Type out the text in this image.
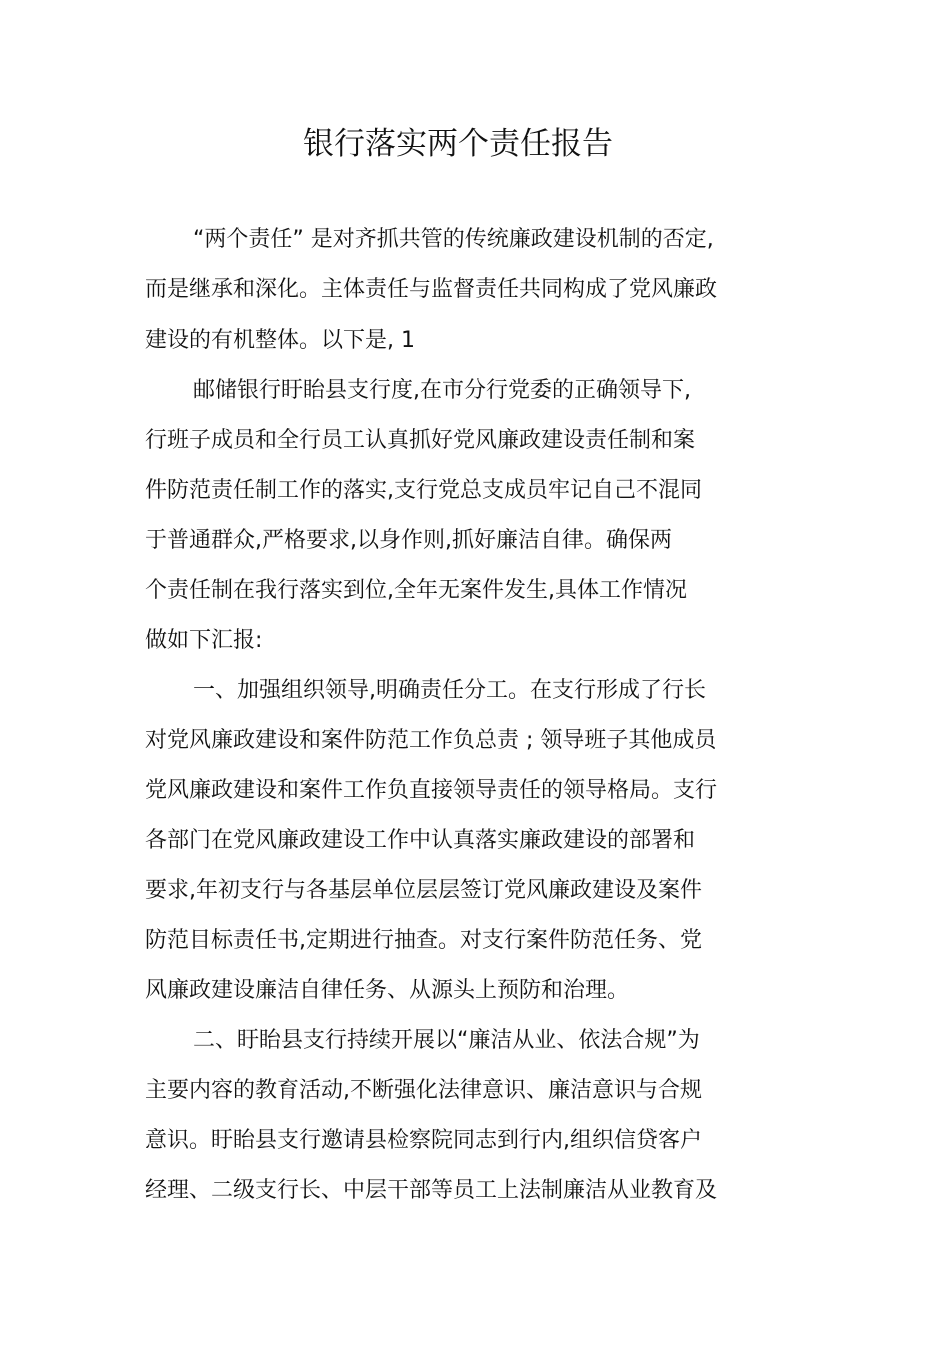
银行落实两个责任报告
“两个责任” 是对齐抓共管的传统廉政建设机制的否定,
而是继承和深化。主体责任与监督责任共同构成了党风廉政
建设的有机整体。以下是, 1
邮储银行盱眙县支行度,在市分行党委的正确领导下,
行班子成员和全行员工认真抓好党风廉政建设责任制和案
件防范责任制工作的落实,支行党总支成员牢记自己不混同
于普通群众,严格要求,以身作则,抓好廉洁自律。确保两
个责任制在我行落实到位,全年无案件发生,具体工作情况
做如下汇报:
一、加强组织领导,明确责任分工。在支行形成了行长
对党风廉政建设和案件防范工作负总责 ; 领导班子其他成员
党风廉政建设和案件工作负直接领导责任的领导格局。支行
各部门在党风廉政建设工作中认真落实廉政建设的部署和
要求,年初支行与各基层单位层层签订党风廉政建设及案件
防范目标责任书,定期进行抽查。对支行案件防范任务、党
风廉政建设廉洁自律任务、从源头上预防和治理。
二、盱眙县支行持续开展以“廉洁从业、依法合规”为
主要内容的教育活动,不断强化法律意识、廉洁意识与合规
意识。盱眙县支行邀请县检察院同志到行内,组织信贷客户
经理、二级支行长、中层干部等员工上法制廉洁从业教育及
